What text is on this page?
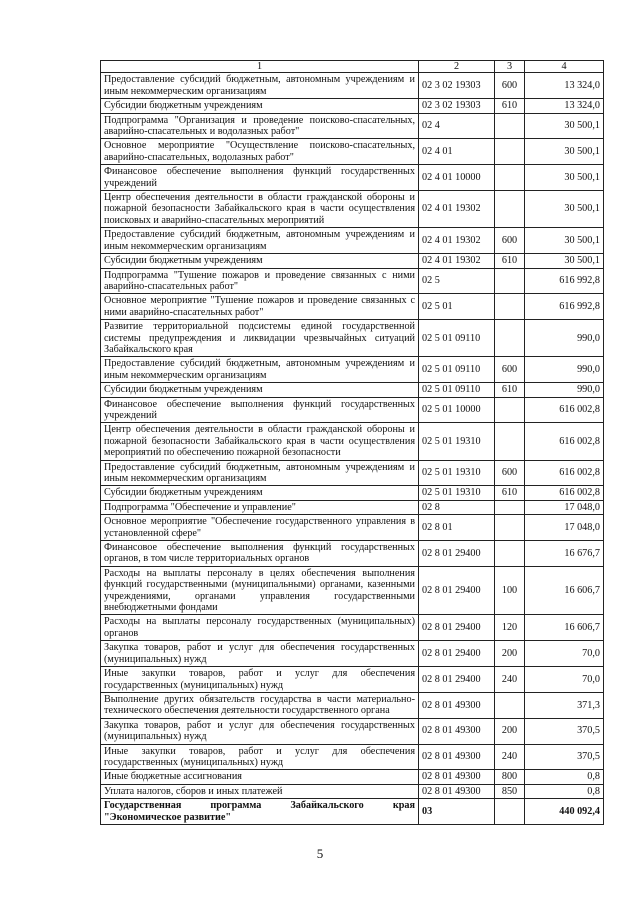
1	2	3	4
Предоставление субсидий бюджетным, автономным учреждениям и иным некоммерческим организациям	02 3 02 19303	600	13 324,0
Субсидии бюджетным учреждениям	02 3 02 19303	610	13 324,0
Подпрограмма "Организация и проведение поисково-спасательных, аварийно-спасательных и водолазных работ"	02 4		30 500,1
Основное мероприятие "Осуществление поисково-спасательных, аварийно-спасательных, водолазных работ"	02 4 01		30 500,1
Финансовое обеспечение выполнения функций государственных учреждений	02 4 01 10000		30 500,1
Центр обеспечения деятельности в области гражданской обороны и пожарной безопасности Забайкальского края в части осуществления поисковых и аварийно-спасательных мероприятий	02 4 01 19302		30 500,1
Предоставление субсидий бюджетным, автономным учреждениям и иным некоммерческим организациям	02 4 01 19302	600	30 500,1
Субсидии бюджетным учреждениям	02 4 01 19302	610	30 500,1
Подпрограмма "Тушение пожаров и проведение связанных с ними аварийно-спасательных работ"	02 5		616 992,8
Основное мероприятие "Тушение пожаров и проведение связанных с ними аварийно-спасательных работ"	02 5 01		616 992,8
Развитие территориальной подсистемы единой государственной системы предупреждения и ликвидации чрезвычайных ситуаций Забайкальского края	02 5 01 09110		990,0
Предоставление субсидий бюджетным, автономным учреждениям и иным некоммерческим организациям	02 5 01 09110	600	990,0
Субсидии бюджетным учреждениям	02 5 01 09110	610	990,0
Финансовое обеспечение выполнения функций государственных учреждений	02 5 01 10000		616 002,8
Центр обеспечения деятельности в области гражданской обороны и пожарной безопасности Забайкальского края в части осуществления мероприятий по обеспечению пожарной безопасности	02 5 01 19310		616 002,8
Предоставление субсидий бюджетным, автономным учреждениям и иным некоммерческим организациям	02 5 01 19310	600	616 002,8
Субсидии бюджетным учреждениям	02 5 01 19310	610	616 002,8
Подпрограмма "Обеспечение и управление"	02 8		17 048,0
Основное мероприятие "Обеспечение государственного управления в установленной сфере"	02 8 01		17 048,0
Финансовое обеспечение выполнения функций государственных органов, в том числе территориальных органов	02 8 01 29400		16 676,7
Расходы на выплаты персоналу в целях обеспечения выполнения функций государственными (муниципальными) органами, казенными учреждениями, органами управления государственными внебюджетными фондами	02 8 01 29400	100	16 606,7
Расходы на выплаты персоналу государственных (муниципальных) органов	02 8 01 29400	120	16 606,7
Закупка товаров, работ и услуг для обеспечения государственных (муниципальных) нужд	02 8 01 29400	200	70,0
Иные закупки товаров, работ и услуг для обеспечения государственных (муниципальных) нужд	02 8 01 29400	240	70,0
Выполнение других обязательств государства в части материально-технического обеспечения деятельности государственного органа	02 8 01 49300		371,3
Закупка товаров, работ и услуг для обеспечения государственных (муниципальных) нужд	02 8 01 49300	200	370,5
Иные закупки товаров, работ и услуг для обеспечения государственных (муниципальных) нужд	02 8 01 49300	240	370,5
Иные бюджетные ассигнования	02 8 01 49300	800	0,8
Уплата налогов, сборов и иных платежей	02 8 01 49300	850	0,8
Государственная программа Забайкальского края "Экономическое развитие"	03		440 092,4
5
